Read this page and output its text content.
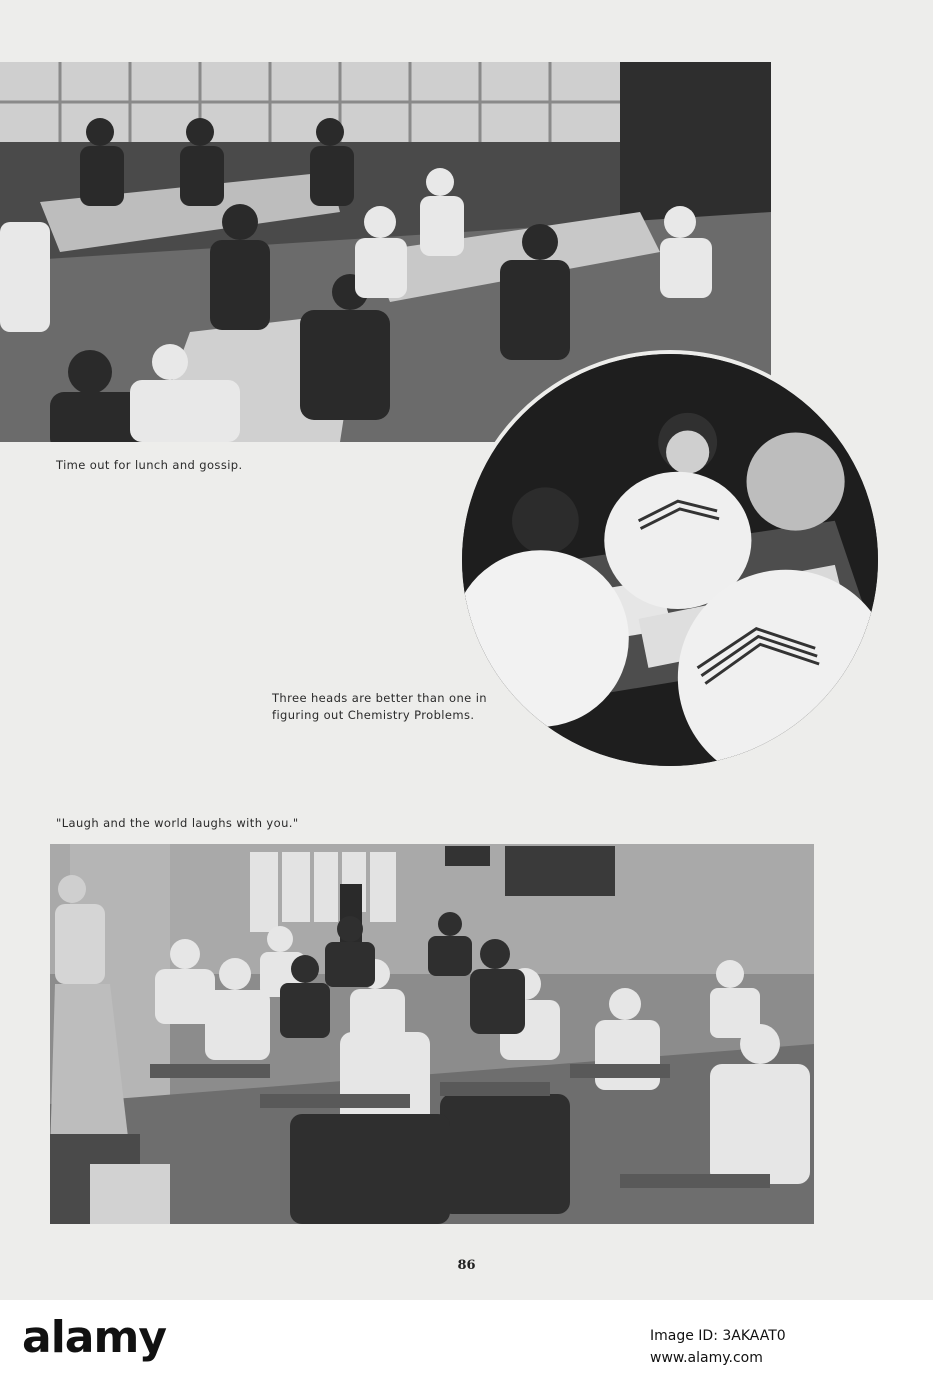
Time out for lunch and gossip.
Three heads are better than one in
figuring out Chemistry Problems.
"Laugh and the world laughs with you."
86
alamy	Image ID: 3AKAAT0
www.alamy.com
